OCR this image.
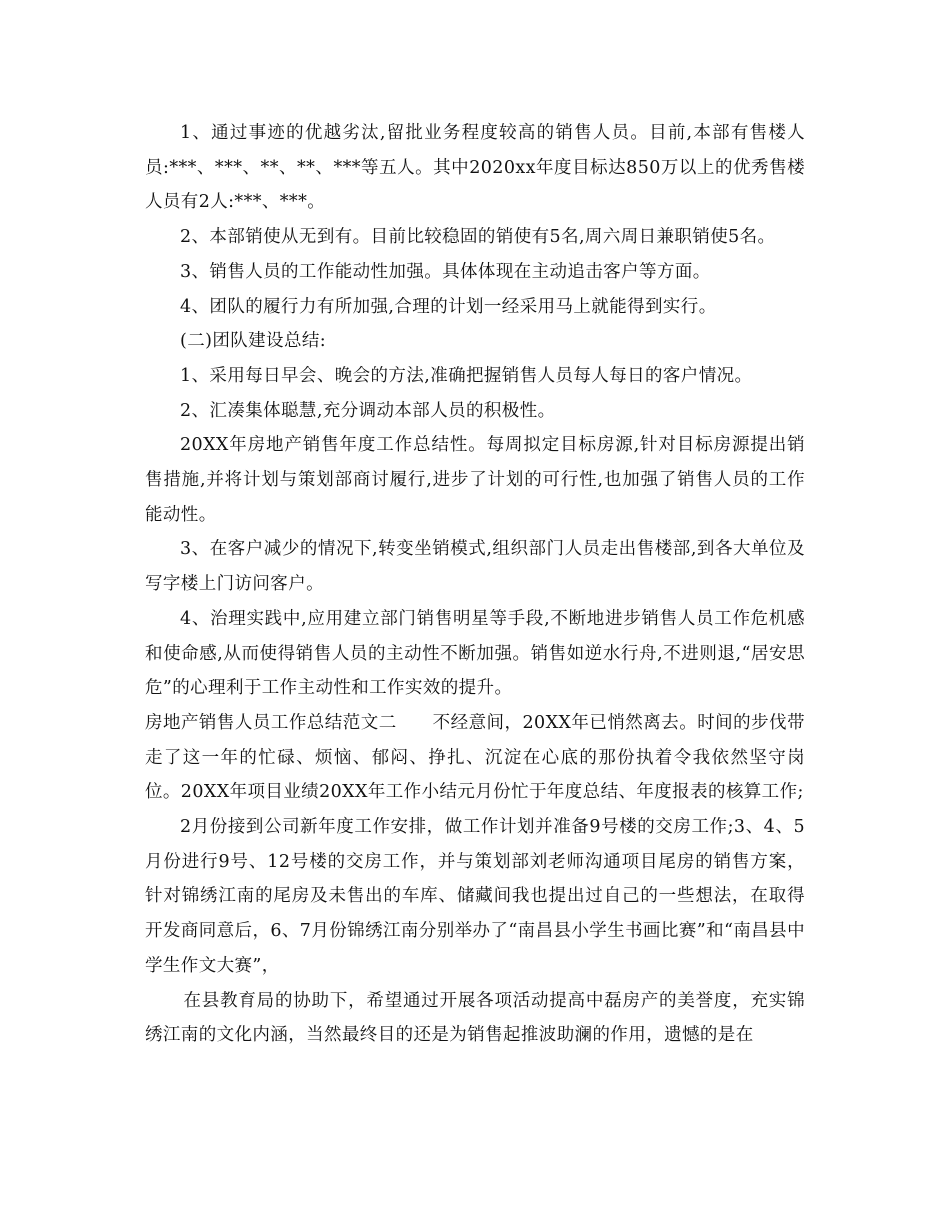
1、通过事迹的优越劣汰,留批业务程度较高的销售人员。目前,本部有售楼人员:***、***、**、**、***等五人。其中2020xx年度目标达850万以上的优秀售楼人员有2人:***、***。

2、本部销使从无到有。目前比较稳固的销使有5名,周六周日兼职销使5名。

3、销售人员的工作能动性加强。具体体现在主动追击客户等方面。

4、团队的履行力有所加强,合理的计划一经采用马上就能得到实行。

(二)团队建设总结:

1、采用每日早会、晚会的方法,准确把握销售人员每人每日的客户情况。

2、汇凑集体聪慧,充分调动本部人员的积极性。

20XX年房地产销售年度工作总结性。每周拟定目标房源,针对目标房源提出销售措施,并将计划与策划部商讨履行,进步了计划的可行性,也加强了销售人员的工作能动性。

3、在客户减少的情况下,转变坐销模式,组织部门人员走出售楼部,到各大单位及写字楼上门访问客户。

4、治理实践中,应用建立部门销售明星等手段,不断地进步销售人员工作危机感和使命感,从而使得销售人员的主动性不断加强。销售如逆水行舟,不进则退,“居安思危”的心理利于工作主动性和工作实效的提升。

房地产销售人员工作总结范文二　　不经意间，20XX年已悄然离去。时间的步伐带走了这一年的忙碌、烦恼、郁闷、挣扎、沉淀在心底的那份执着令我依然坚守岗位。20XX年项目业绩20XX年工作小结元月份忙于年度总结、年度报表的核算工作;

2月份接到公司新年度工作安排，做工作计划并准备9号楼的交房工作;3、4、5月份进行9号、12号楼的交房工作，并与策划部刘老师沟通项目尾房的销售方案，针对锦绣江南的尾房及未售出的车库、储藏间我也提出过自己的一些想法，在取得开发商同意后，6、7月份锦绣江南分别举办了“南昌县小学生书画比赛”和“南昌县中学生作文大赛”，

在县教育局的协助下，希望通过开展各项活动提高中磊房产的美誉度，充实锦绣江南的文化内涵，当然最终目的还是为销售起推波助澜的作用，遗憾的是在
